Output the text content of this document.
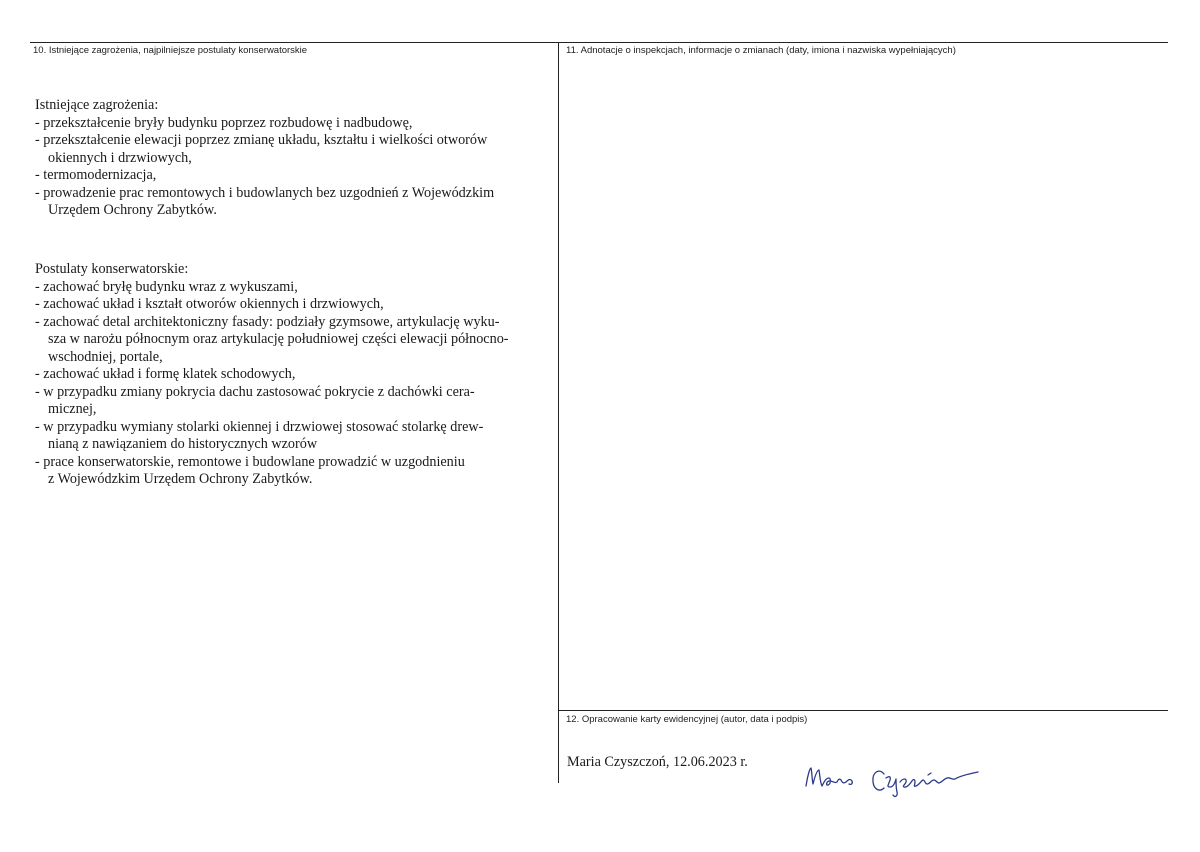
10. Istniejące zagrożenia, najpilniejsze postulaty konserwatorskie
Istniejące zagrożenia:
- przekształcenie bryły budynku poprzez rozbudowę i nadbudowę,
- przekształcenie elewacji poprzez zmianę układu, kształtu i wielkości otworów
okiennych i drzwiowych,
- termomodernizacja,
- prowadzenie prac remontowych i budowlanych bez uzgodnień z Wojewódzkim
Urzędem Ochrony Zabytków.
Postulaty konserwatorskie:
- zachować bryłę budynku wraz z wykuszami,
- zachować układ i kształt otworów okiennych i drzwiowych,
- zachować detal architektoniczny fasady: podziały gzymsowe, artykulację wyku-
sza w narożu północnym oraz artykulację południowej części elewacji północno-
wschodniej, portale,
- zachować układ i formę klatek schodowych,
- w przypadku zmiany pokrycia dachu zastosować pokrycie z dachówki cera-
micznej,
- w przypadku wymiany stolarki okiennej i drzwiowej stosować stolarkę drew-
nianą z nawiązaniem do historycznych wzorów
- prace konserwatorskie, remontowe i budowlane prowadzić w uzgodnieniu
z Wojewódzkim Urzędem Ochrony Zabytków.
11. Adnotacje o inspekcjach, informacje o zmianach (daty, imiona i nazwiska wypełniających)
12. Opracowanie karty ewidencyjnej (autor, data i podpis)
Maria Czyszczoń, 12.06.2023 r.
